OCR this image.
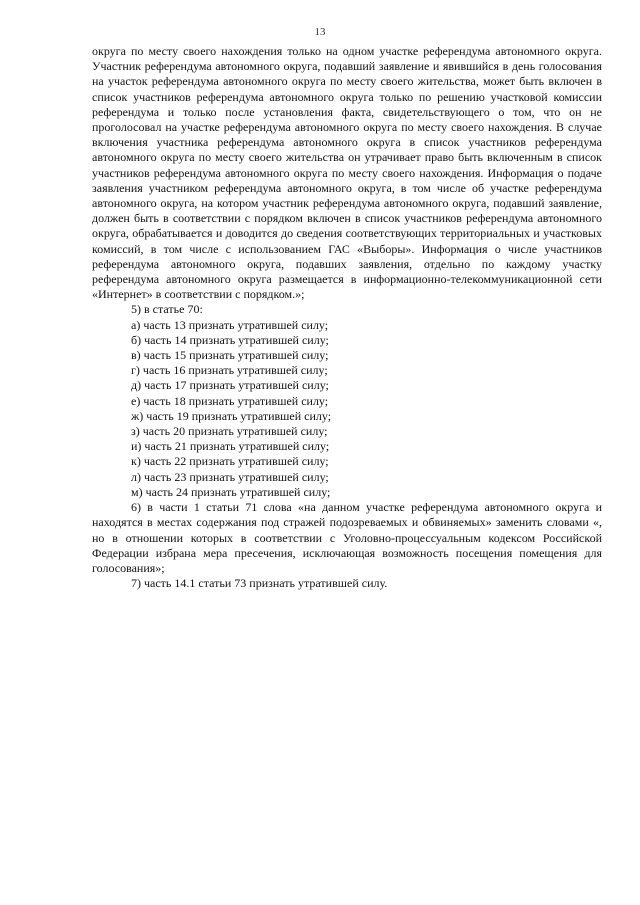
13

округа по месту своего нахождения только на одном участке референдума автономного округа. Участник референдума автономного округа, подавший заявление и явившийся в день голосования на участок референдума автономного округа по месту своего жительства, может быть включен в список участников референдума автономного округа только по решению участковой комиссии референдума и только после установления факта, свидетельствующего о том, что он не проголосовал на участке референдума автономного округа по месту своего нахождения. В случае включения участника референдума автономного округа в список участников референдума автономного округа по месту своего жительства он утрачивает право быть включенным в список участников референдума автономного округа по месту своего нахождения. Информация о подаче заявления участником референдума автономного округа, в том числе об участке референдума автономного округа, на котором участник референдума автономного округа, подавший заявление, должен быть в соответствии с порядком включен в список участников референдума автономного округа, обрабатывается и доводится до сведения соответствующих территориальных и участковых комиссий, в том числе с использованием ГАС «Выборы». Информация о числе участников референдума автономного округа, подавших заявления, отдельно по каждому участку референдума автономного округа размещается в информационно-телекоммуникационной сети «Интернет» в соответствии с порядком.»;

5) в статье 70:

а) часть 13 признать утратившей силу;

б) часть 14 признать утратившей силу;

в) часть 15 признать утратившей силу;

г) часть 16 признать утратившей силу;

д) часть 17 признать утратившей силу;

е) часть 18 признать утратившей силу;

ж) часть 19 признать утратившей силу;

з) часть 20 признать утратившей силу;

и) часть 21 признать утратившей силу;

к) часть 22 признать утратившей силу;

л) часть 23 признать утратившей силу;

м) часть 24 признать утратившей силу;

6) в части 1 статьи 71 слова «на данном участке референдума автономного округа и находятся в местах содержания под стражей подозреваемых и обвиняемых» заменить словами «, но в отношении которых в соответствии с Уголовно-процессуальным кодексом Российской Федерации избрана мера пресечения, исключающая возможность посещения помещения для голосования»;

7) часть 14.1 статьи 73 признать утратившей силу.
